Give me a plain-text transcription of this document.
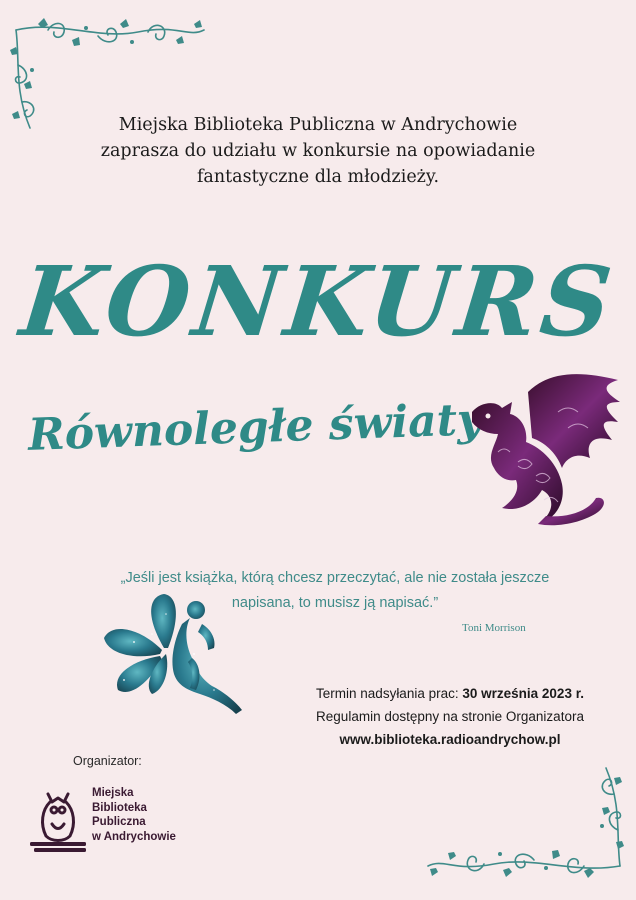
Miejska Biblioteka Publiczna w Andrychowie
zaprasza do udziału w konkursie na opowiadanie
fantastyczne dla młodzieży.
KONKURS
Równoległe światy
„Jeśli jest książka, którą chcesz przeczytać, ale nie została jeszcze
napisana, to musisz ją napisać.”
Toni Morrison
Termin nadsyłania prac: 30 września 2023 r.
Regulamin dostępny na stronie Organizatora
www.biblioteka.radioandrychow.pl
Organizator:
Miejska
Biblioteka
Publiczna
w Andrychowie
